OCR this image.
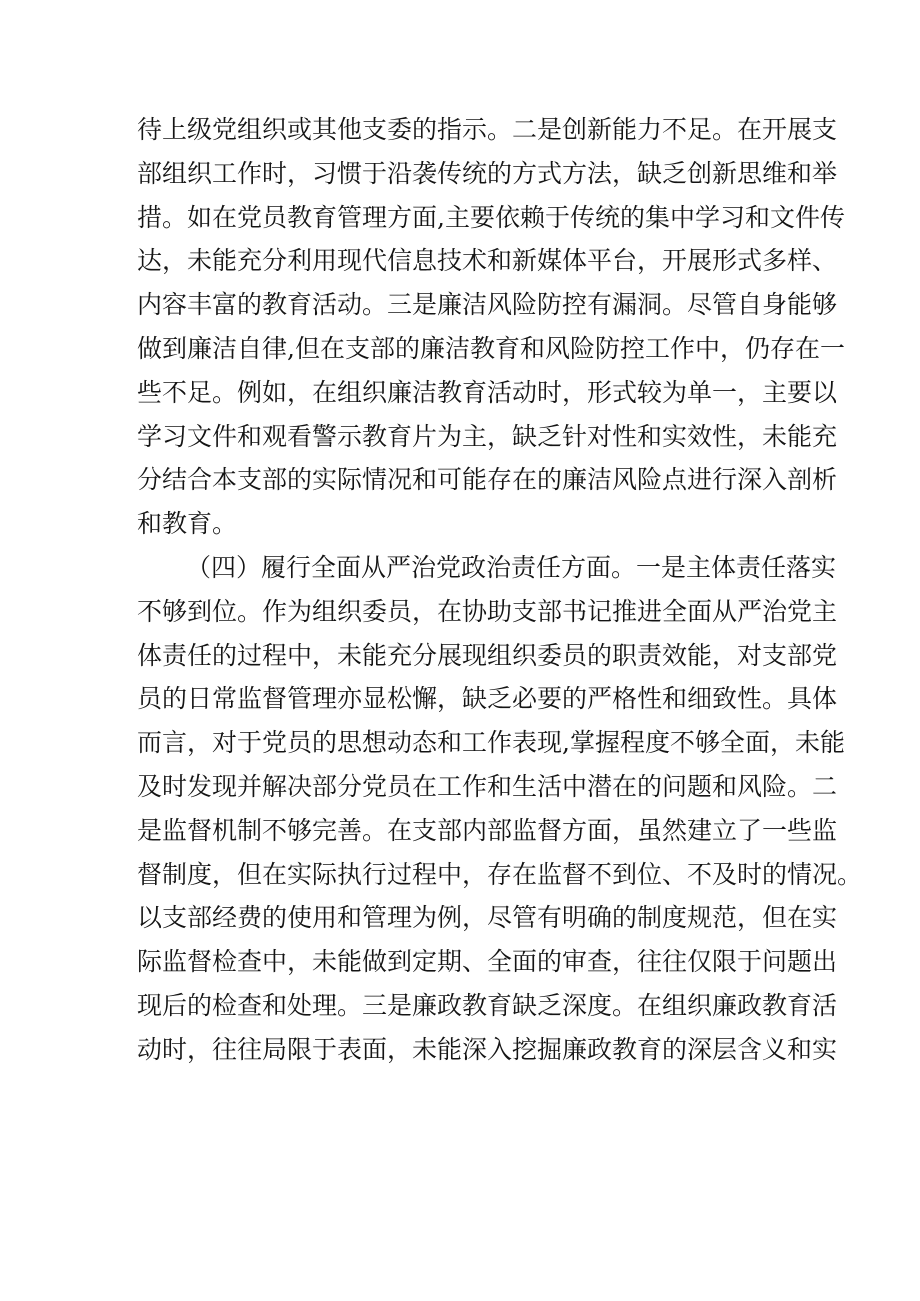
待上级党组织或其他支委的指示。二是创新能力不足。在开展支
部组织工作时，习惯于沿袭传统的方式方法，缺乏创新思维和举
措。如在党员教育管理方面,主要依赖于传统的集中学习和文件传
达，未能充分利用现代信息技术和新媒体平台，开展形式多样、
内容丰富的教育活动。三是廉洁风险防控有漏洞。尽管自身能够
做到廉洁自律,但在支部的廉洁教育和风险防控工作中，仍存在一
些不足。例如，在组织廉洁教育活动时，形式较为单一，主要以
学习文件和观看警示教育片为主，缺乏针对性和实效性，未能充
分结合本支部的实际情况和可能存在的廉洁风险点进行深入剖析
和教育。
（四）履行全面从严治党政治责任方面。一是主体责任落实
不够到位。作为组织委员，在协助支部书记推进全面从严治党主
体责任的过程中，未能充分展现组织委员的职责效能，对支部党
员的日常监督管理亦显松懈，缺乏必要的严格性和细致性。具体
而言，对于党员的思想动态和工作表现,掌握程度不够全面，未能
及时发现并解决部分党员在工作和生活中潜在的问题和风险。二
是监督机制不够完善。在支部内部监督方面，虽然建立了一些监
督制度，但在实际执行过程中，存在监督不到位、不及时的情况。
以支部经费的使用和管理为例，尽管有明确的制度规范，但在实
际监督检查中，未能做到定期、全面的审查，往往仅限于问题出
现后的检查和处理。三是廉政教育缺乏深度。在组织廉政教育活
动时，往往局限于表面，未能深入挖掘廉政教育的深层含义和实
